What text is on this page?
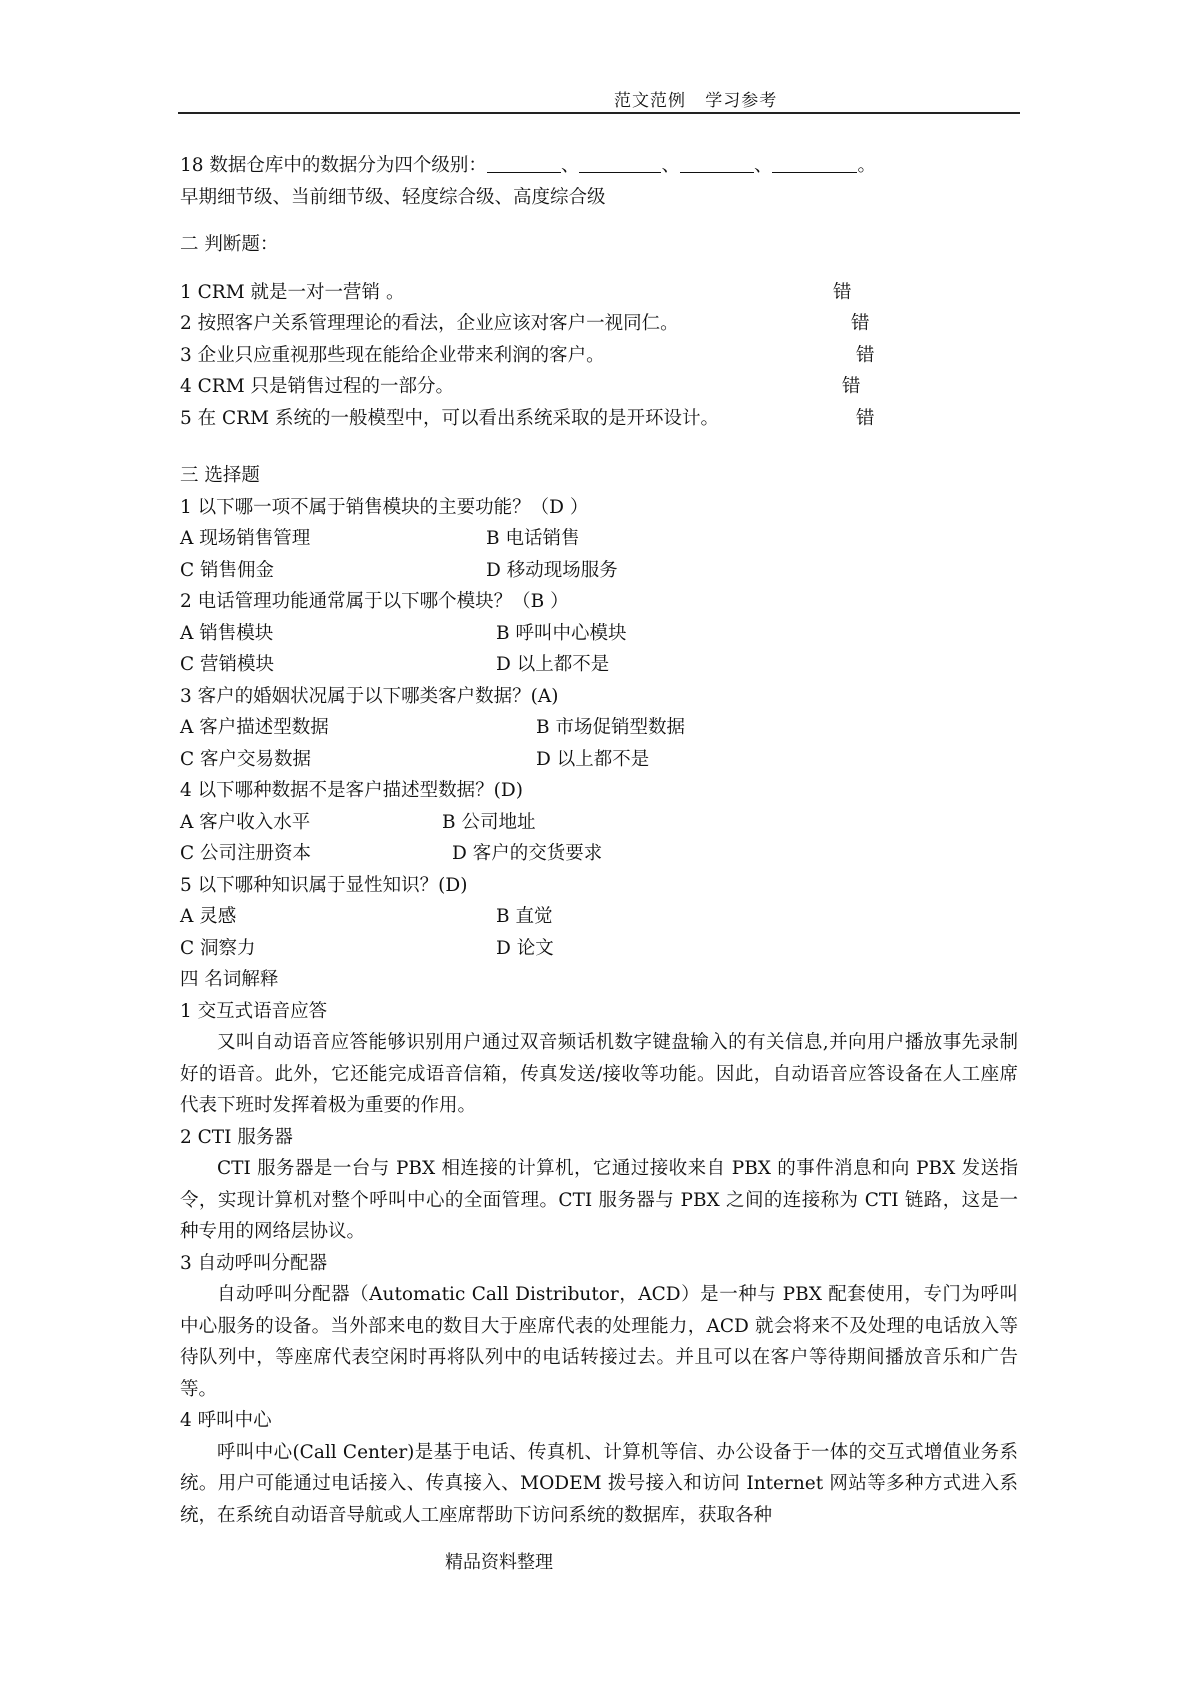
范文范例   学习参考
18 数据仓库中的数据分为四个级别：	、	、	、	。
早期细节级、当前细节级、轻度综合级、高度综合级
二 判断题：
1 CRM 就是一对一营销 。	错
2 按照客户关系管理理论的看法，企业应该对客户一视同仁。	错
3 企业只应重视那些现在能给企业带来利润的客户。	错
4 CRM 只是销售过程的一部分。	错
5 在 CRM 系统的一般模型中，可以看出系统采取的是开环设计。	错
三 选择题
1 以下哪一项不属于销售模块的主要功能？（D ）
A 现场销售管理	B 电话销售
C 销售佣金	D 移动现场服务
2 电话管理功能通常属于以下哪个模块？（B ）
A 销售模块	B 呼叫中心模块
C 营销模块	D 以上都不是
3 客户的婚姻状况属于以下哪类客户数据？(A)
A 客户描述型数据	B 市场促销型数据
C 客户交易数据	D 以上都不是
4 以下哪种数据不是客户描述型数据？(D)
A 客户收入水平	B 公司地址
C 公司注册资本	D 客户的交货要求
5 以下哪种知识属于显性知识？(D)
A 灵感	B 直觉
C 洞察力	D 论文
四 名词解释
1 交互式语音应答
又叫自动语音应答能够识别用户通过双音频话机数字键盘输入的有关信息,并向用户播放事先录制好的语音。此外，它还能完成语音信箱，传真发送/接收等功能。因此，自动语音应答设备在人工座席代表下班时发挥着极为重要的作用。
2 CTI 服务器
CTI 服务器是一台与 PBX 相连接的计算机，它通过接收来自 PBX 的事件消息和向 PBX 发送指令，实现计算机对整个呼叫中心的全面管理。CTI 服务器与 PBX 之间的连接称为 CTI 链路，这是一种专用的网络层协议。
3 自动呼叫分配器
自动呼叫分配器（Automatic Call Distributor，ACD）是一种与 PBX 配套使用，专门为呼叫中心服务的设备。当外部来电的数目大于座席代表的处理能力，ACD 就会将来不及处理的电话放入等待队列中，等座席代表空闲时再将队列中的电话转接过去。并且可以在客户等待期间播放音乐和广告等。
4 呼叫中心
呼叫中心(Call Center)是基于电话、传真机、计算机等信、办公设备于一体的交互式增值业务系统。用户可能通过电话接入、传真接入、MODEM 拨号接入和访问 Internet 网站等多种方式进入系统，在系统自动语音导航或人工座席帮助下访问系统的数据库，获取各种
精品资料整理
